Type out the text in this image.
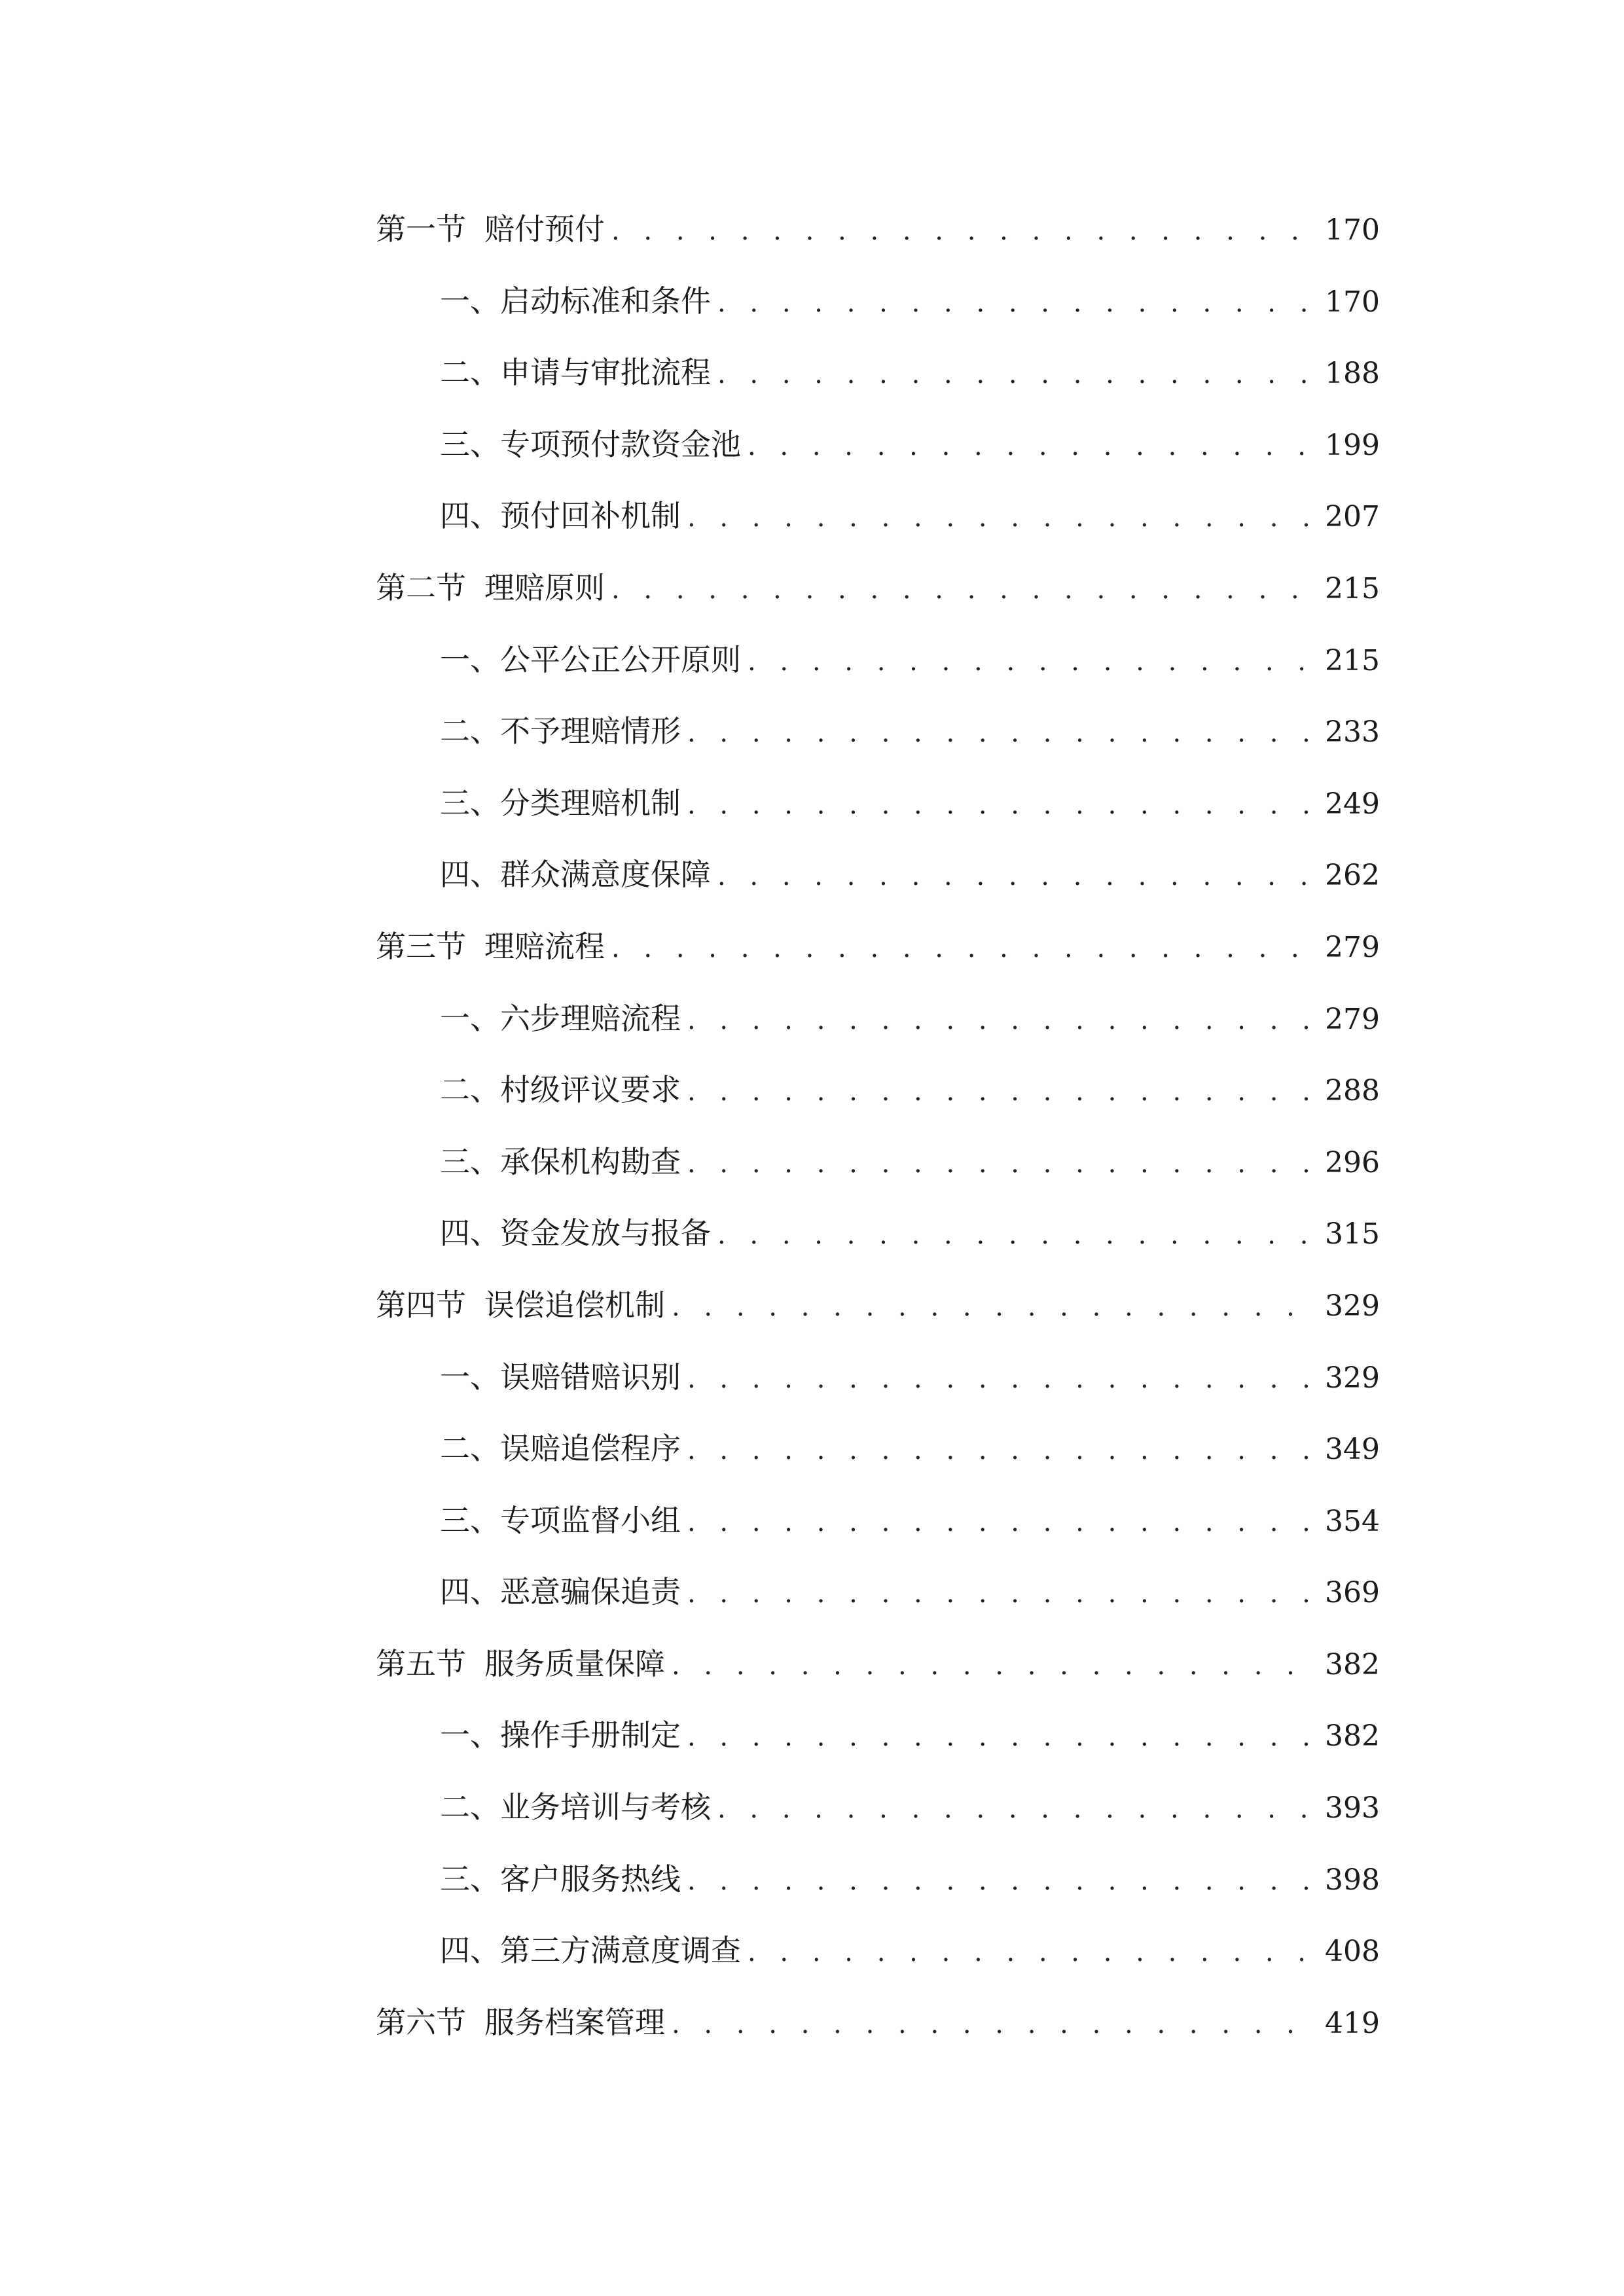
第一节 赔付预付 . . .	170
一、 启动标准和条件 . . .	170
二、 申请与审批流程 . . .	188
三、 专项预付款资金池 . . .	199
四、 预付回补机制 . . .	207
第二节 理赔原则 . . .	215
一、 公平公正公开原则 . . .	215
二、 不予理赔情形 . . .	233
三、 分类理赔机制 . . .	249
四、 群众满意度保障 . . .	262
第三节 理赔流程 . . .	279
一、 六步理赔流程 . . .	279
二、 村级评议要求 . . .	288
三、 承保机构勘查 . . .	296
四、 资金发放与报备 . . .	315
第四节 误偿追偿机制 . . .	329
一、 误赔错赔识别 . . .	329
二、 误赔追偿程序 . . .	349
三、 专项监督小组 . . .	354
四、 恶意骗保追责 . . .	369
第五节 服务质量保障 . . .	382
一、 操作手册制定 . . .	382
二、 业务培训与考核 . . .	393
三、 客户服务热线 . . .	398
四、 第三方满意度调查 . . .	408
第六节 服务档案管理 . . .	419
